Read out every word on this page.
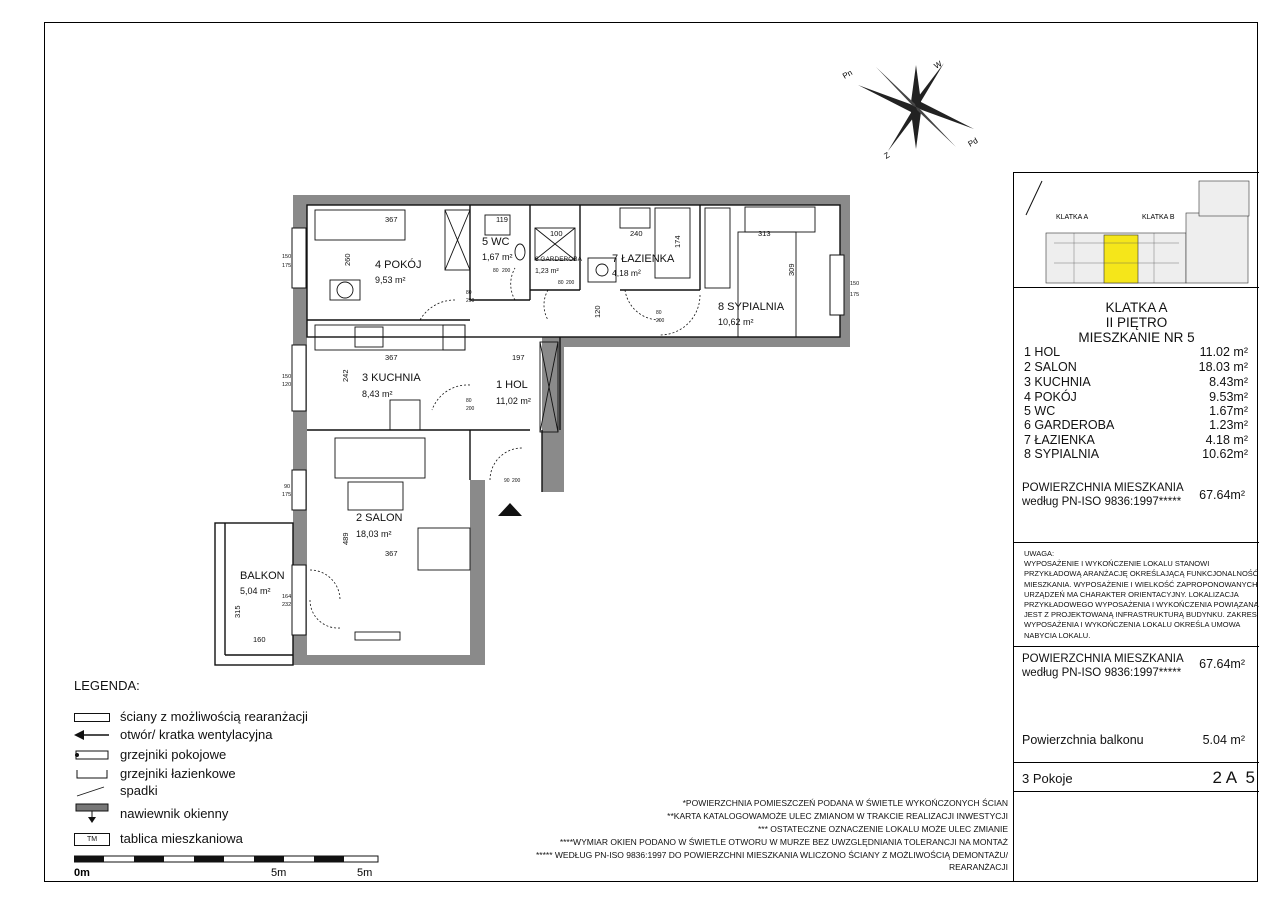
Pn
W
Pd
Z
367	119
100	240	313
260
174
309
120
367	197
242
489
367
315
160
150
175
150
120
90
175
150
175
164
232
80
200
80 200
80 200
80
200
80
200
90 200
4 POKÓJ
9,53 m²
5 WC
1,67 m²	6 GARDEROBA
1,23 m²
7 ŁAZIENKA
4,18 m²
8 SYPIALNIA
10,62 m²
3 KUCHNIA
8,43 m²
1 HOL
11,02 m²
2 SALON
18,03 m²
BALKON
5,04 m²
KLATKA A	KLATKA B
KLATKA A
II PIĘTRO
MIESZKANIE NR 5
1 HOL	11.02 m²
2 SALON	18.03 m²
3 KUCHNIA	8.43m²
4 POKÓJ	9.53m²
5 WC	1.67m²
6 GARDEROBA	1.23m²
7 ŁAZIENKA	4.18 m²
8 SYPIALNIA	10.62m²
POWIERZCHNIA MIESZKANIA
według PN-ISO 9836:1997***** 67.64m²
UWAGA:
WYPOSAŻENIE I WYKOŃCZENIE LOKALU STANOWI
PRZYKŁADOWĄ ARANŻACJĘ OKREŚLAJĄCĄ FUNKCJONALNOŚĆ
MIESZKANIA. WYPOSAŻENIE I WIELKOŚĆ ZAPROPONOWANYCH
URZĄDZEŃ MA CHARAKTER ORIENTACYJNY. LOKALIZACJA
PRZYKŁADOWEGO WYPOSAŻENIA I WYKOŃCZENIA POWIĄZANA
JEST Z PROJEKTOWANĄ INFRASTRUKTURĄ BUDYNKU. ZAKRES
WYPOSAŻENIA I WYKOŃCZENIA LOKALU OKREŚLA UMOWA
NABYCIA LOKALU.
POWIERZCHNIA MIESZKANIA
według PN-ISO 9836:1997*****
67.64m²
Powierzchnia balkonu	5.04 m²
3 Pokoje	2 A  5
LEGENDA:
ściany z możliwością rearanżacji
otwór/ kratka wentylacyjna
grzejniki pokojowe
grzejniki łazienkowe
spadki
nawiewnik okienny
TM	tablica mieszkaniowa
0m	5m	5m
*POWIERZCHNIA POMIESZCZEŃ PODANA W ŚWIETLE WYKOŃCZONYCH ŚCIAN
**KARTA KATALOGOWAMOŻE ULEC ZMIANOM W TRAKCIE REALIZACJI INWESTYCJI
*** OSTATECZNE OZNACZENIE LOKALU MOŻE ULEC ZMIANIE
****WYMIAR OKIEN PODANO W ŚWIETLE OTWORU W MURZE BEZ UWZGLĘDNIANIA TOLERANCJI NA MONTAŻ
***** WEDŁUG PN-ISO 9836:1997 DO POWIERZCHNI MIESZKANIA WLICZONO ŚCIANY Z MOŻLIWOŚCIĄ DEMONTAŻU/
REARANŻACJI
